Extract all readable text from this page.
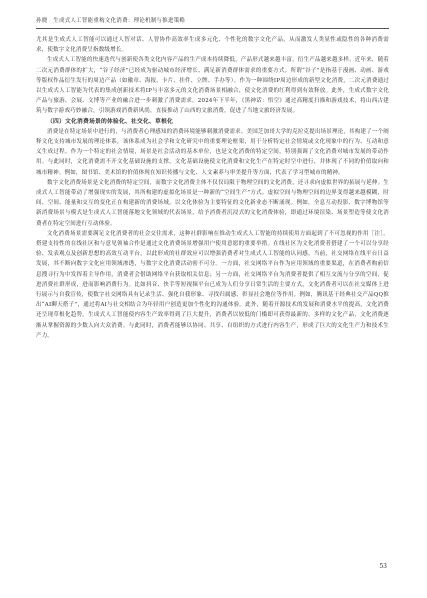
孙晓　生成式人工智能重构文化消费：理论机制与推进策略

尤其是生成式人工智能可以通过人智对话、人智协作高效率生成多元化、个性化的数字文化产品，从而激发人类显性或隐性的各种消费需求，使数字文化消费呈指数级增长。

生成式人工智能的快速迭代与创新使各类文化内容产品的生产成本持续降低，产品形式越来越丰富，衍生产品越来越多样。近年来，随着二次元消费群体的扩大，“谷子经济”已经成为驱动城市经济增长、满足新消费群体需求的重要方式。所谓“谷子”是指基于漫画、动画、游戏等版权作品衍生发行的周边产品（如徽章、海报、卡片、挂件、立牌、手办等）。作为一种围绕IP周边形成的新型文化消费，二次元消费通过以生成式人工智能为代表的集成创新技术将IP与丰富多元的文化消费场景相融合，使文化消费的红利得到有效释放。此外，生成式数字文化产品与旅游、会展、文博等产业的融合进一步刺激了消费需求。2024年下半年，《黑神话：悟空》通过高精度扫描和游戏技术，将山西古建筑与数字游戏巧妙融合，引领游戏消费新风尚，直接推动了山西的文旅消费，促进了当地文旅经济发展。

（四）文化消费场景的体验化、社交化、草根化

消费是在特定场景中进行的，与消费者心理感知的消费环境能够刺激消费需求。美国芝加哥大学的克拉克提出场景理论，其构建了一个阐释文化支持城市发展的理论体系，该体系成为社会学和文化研究中的重要理论框架，用于分析特定社会情境或文化现象中的行为、互动和意义生成过程。作为一个特定的社会情境，场景是社会活动的基本单位，也是文化消费的特定空间，特别强调了文化消费对城市发展的带动作用。与此同时，文化消费需不开文化基础设施的支撑，文化基础设施使文化消费和文化生产在特定时空中进行，并体现了不同的价值取向和城市精神。例如，图书馆、美术馆的价值体现在知识传播与文化、人文素养与审美提升等方面，代表了学习型城市的精神。

数字文化消费场景是文化消费的特定空间，而数字文化消费主体不仅仅局限于物理空间的文化消费，还寻求向虚拟世界的拓展与延伸。生成式人工智能带动了增强现实的发展，其所构建的虚拟化场景是一种新的“空间生产”方式。虚拟空间与物理空间的边界变得越来越模糊，时间、空间、能量和交互的变化正在构建新的消费场域，以文化体验为主要特征的文化新业态不断涌现。例如，全息互动投影、数字博物馆等新消费场景与模式是生成式人工智能落地文化领域的代表场景，给予消费者沉浸式的文化消费体验，即通过环境渲染、场景塑造等使文化消费者在特定空间进行互动体验。

文化消费场景需要满足文化消费者的社会交往需求，这种社群影响在推动生成式人工智能的持续使用方面起到了不可忽视的作用［注］。搭建支持性的在线社区和与意见领袖合作是通过文化消费场景增强用户使用意愿的重要举措。在线社区为文化消费者搭建了一个可以分享经验、发表观点及创新思想的高效互动平台，以此形成的社群效应可以增强消费者对生成式人工智能的认同感。当前，社交网络在线平台日益发展，其不断向数字文化应用领域渗透，与数字文化消费活动密不可分。一方面，社交网络平台作为应用领域的重要渠道，在消费者购前信息搜寻行为中发挥着主导作用，消费者会借助网络平台获取相关信息；另一方面，社交网络平台为消费者提供了相互交流与分享的空间，促进消费社群形成，进而影响消费行为。比如抖音、快手等短视频平台已成为人们分享日常生活的主要方式，文化消费者可以在社交媒体上进行展示与自我宣传，使数字社交网络具有记录生活、强化自我形象、寻找归属感、彰显社会地位等作用。例如，腾讯基于经典社交产品QQ推出“AI聊天搭子”，通过将AI与社交相结合为年轻用户创造更加个性化的沟通体验。此外，随着开源技术的发展和消费水平的提高，文化消费还呈现草根化趋势。生成式人工智能使内容生产效率得到了巨大提升，消费者以较低的门槛即可获得最新的、多样的文化产品，文化消费逐渐从掌握资源的少数人向大众消费。与此同时，消费者能够以协同、共享、自组织的方式进行内容生产，形成了巨大的文化生产力和技术生产力。

53
